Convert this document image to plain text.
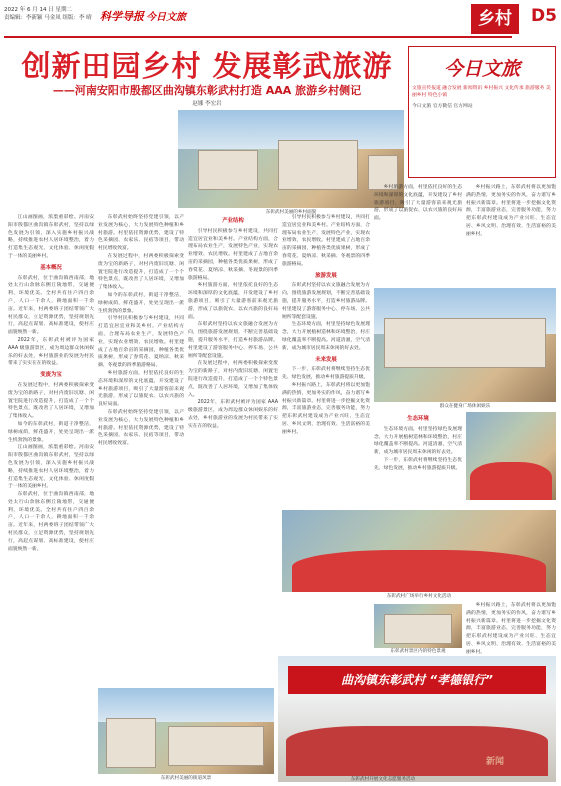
2022 年 6 月 14 日 星期二
责编辑：李新颖 马金凤 组版：李 晴 科学导报 今日文旅	乡村	D5
创新田园乡村 发展彰武旅游
——河南安阳市殷都区曲沟镇东彰武村打造 AAA 旅游乡村侧记
赵娜 李宏岩
今日文旅
文旅宣传报道 融合发展 新闻资讯 乡村振兴 文化传承 旅游服务 美丽乡村 特色小镇
今日文旅 官方微信 官方网站
东彰武村美丽的乡村面貌

江山画图画，浓墨重彩绘。河南安阳市殷都区曲沟镇东彰武村，坚持以绿色发展为引领，深入实施乡村振兴战略，持续推进农村人居环境整治，着力打造集生态观光、文化体验、休闲度假于一体的美丽乡村。

基本概况

东彰武村，位于曲沟镇西南部，地处太行山余脉东侧丘陵地带，交通便利，环境优美。全村共有住户四百余户，人口一千余人，耕地面积一千余亩。近年来，村两委班子团结带领广大村民群众，立足资源优势，坚持规划先行，高起点谋划、高标准建设，使村庄面貌焕然一新。

2022年，东彰武村被评为国家 AAA 级旅游景区，成为周边群众休闲娱乐的好去处，乡村旅游业的发展为村民带来了实实在在的收益。

变废为宝

在发展过程中，村两委积极探索变废为宝的新路子，对村内废旧坑塘、闲置宅院进行改造提升，打造成了一个个特色景点，既改善了人居环境，又增加了集体收入。

如今的东彰武村，街道干净整洁，绿树成荫，鲜花盛开，处处呈现出一派生机勃勃的景象。

江山画图画，浓墨重彩绘。河南安阳市殷都区曲沟镇东彰武村，坚持以绿色发展为引领，深入实施乡村振兴战略，持续推进农村人居环境整治，着力打造集生态观光、文化体验、休闲度假于一体的美丽乡村。

东彰武村，位于曲沟镇西南部，地处太行山余脉东侧丘陵地带，交通便利，环境优美。全村共有住户四百余户，人口一千余人，耕地面积一千余亩。近年来，村两委班子团结带领广大村民群众，立足资源优势，坚持规划先行，高起点谋划、高标准建设，使村庄面貌焕然一新。

东彰武村始终坚持党建引领，以产业发展为核心，大力发展特色种植和乡村旅游。村里依托资源优势，建设了特色采摘园、农家乐、民宿等项目，带动村民增收致富。

在发展过程中，村两委积极探索变废为宝的新路子，对村内废旧坑塘、闲置宅院进行改造提升，打造成了一个个特色景点，既改善了人居环境，又增加了集体收入。

如今的东彰武村，街道干净整洁，绿树成荫，鲜花盛开，处处呈现出一派生机勃勃的景象。

引导村民积极参与乡村建设，共同打造宜居宜业和美乡村。产业结构方面，合理布局农业生产，发展特色产业，实现农业增效、农民增收。村里建成了占地百余亩的采摘园，种植各类优质果树，形成了春赏花、夏纳凉、秋采摘、冬观景的四季旅游格局。

乡村旅游方面，村里依托良好的生态环境和深厚的文化底蕴，开发建设了乡村旅游项目，吸引了大量游客前来观光旅游，形成了以旅促农、以农兴旅的良好局面。

东彰武村始终坚持党建引领，以产业发展为核心，大力发展特色种植和乡村旅游。村里依托资源优势，建设了特色采摘园、农家乐、民宿等项目，带动村民增收致富。

产业结构

引导村民积极参与乡村建设，共同打造宜居宜业和美乡村。产业结构方面，合理布局农业生产，发展特色产业，实现农业增效、农民增收。村里建成了占地百余亩的采摘园，种植各类优质果树，形成了春赏花、夏纳凉、秋采摘、冬观景的四季旅游格局。

乡村旅游方面，村里依托良好的生态环境和深厚的文化底蕴，开发建设了乡村旅游项目，吸引了大量游客前来观光旅游，形成了以旅促农、以农兴旅的良好局面。

东彰武村坚持以农文旅融合发展为方向，围绕旅游发展规划，不断完善基础设施，提升服务水平，打造乡村旅游品牌。村里建设了游客服务中心、停车场、公共厕所等配套设施。

在发展过程中，村两委积极探索变废为宝的新路子，对村内废旧坑塘、闲置宅院进行改造提升，打造成了一个个特色景点，既改善了人居环境，又增加了集体收入。

2022年，东彰武村被评为国家 AAA 级旅游景区，成为周边群众休闲娱乐的好去处，乡村旅游业的发展为村民带来了实实在在的收益。

引导村民积极参与乡村建设，共同打造宜居宜业和美乡村。产业结构方面，合理布局农业生产，发展特色产业，实现农业增效、农民增收。村里建成了占地百余亩的采摘园，种植各类优质果树，形成了春赏花、夏纳凉、秋采摘、冬观景的四季旅游格局。

旅游发展

东彰武村坚持以农文旅融合发展为方向，围绕旅游发展规划，不断完善基础设施，提升服务水平，打造乡村旅游品牌。村里建设了游客服务中心、停车场、公共厕所等配套设施。

生态环境方面，村里坚持绿色发展理念，大力开展植树造林和环境整治，村庄绿化覆盖率不断提高。河道清澈，空气清新，成为城市居民周末休闲的好去处。

未来发展

下一步，东彰武村将继续坚持生态优先、绿色发展，推动乡村旅游提质升级。

乡村振兴路上，东彰武村将以更加饱满的热情，更加务实的作风，奋力谱写乡村振兴新篇章。村里将进一步挖掘文化资源，丰富旅游业态，完善服务功能，努力把东彰武村建设成为产业兴旺、生态宜居、乡风文明、治理有效、生活富裕的美丽乡村。

乡村旅游方面，村里依托良好的生态环境和深厚的文化底蕴，开发建设了乡村旅游项目，吸引了大量游客前来观光旅游，形成了以旅促农、以农兴旅的良好局面。

乡村振兴路上，东彰武村将以更加饱满的热情，更加务实的作风，奋力谱写乡村振兴新篇章。村里将进一步挖掘文化资源，丰富旅游业态，完善服务功能，努力把东彰武村建设成为产业兴旺、生态宜居、乡风文明、治理有效、生活富裕的美丽乡村。

群众在健身广场休闲娱乐
生态环境

生态环境方面，村里坚持绿色发展理念，大力开展植树造林和环境整治，村庄绿化覆盖率不断提高。河道清澈，空气清新，成为城市居民周末休闲的好去处。

下一步，东彰武村将继续坚持生态优先、绿色发展，推动乡村旅游提质升级。

东彰武村广场举行乡村文化活动

乡村振兴路上，东彰武村将以更加饱满的热情，更加务实的作风，奋力谱写乡村振兴新篇章。村里将进一步挖掘文化资源，丰富旅游业态，完善服务功能，努力把东彰武村建设成为产业兴旺、生态宜居、乡风文明、治理有效、生活富裕的美丽乡村。

东彰武村美丽的街道风景
东彰武村景区内的特色景观
曲沟镇东彰武村 “孝德银行”
东彰武村开展文化志愿服务活动
新闻
